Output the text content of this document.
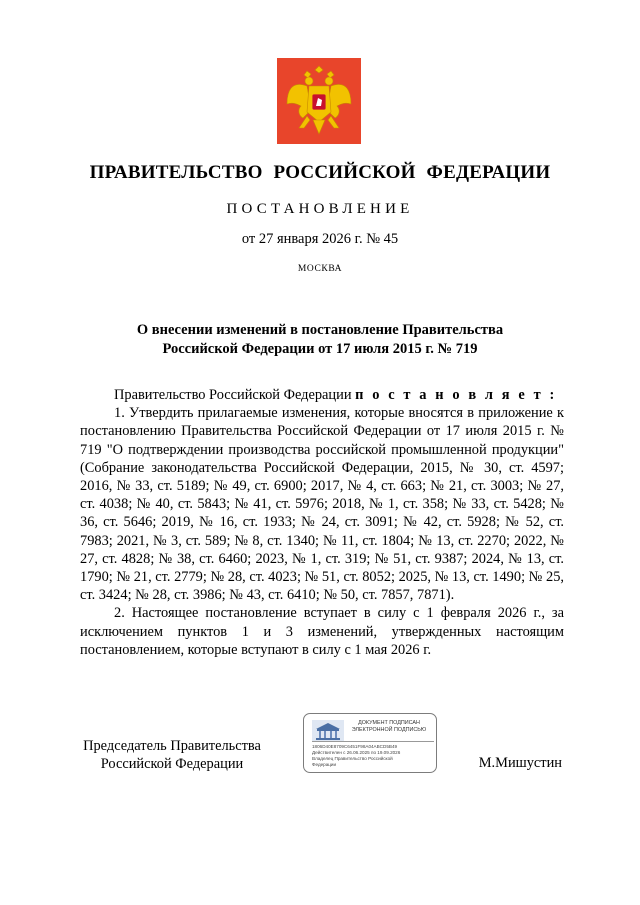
ПРАВИТЕЛЬСТВО РОССИЙСКОЙ ФЕДЕРАЦИИ
ПОСТАНОВЛЕНИЕ
от 27 января 2026 г. № 45
МОСКВА
О внесении изменений в постановление Правительства
Российской Федерации от 17 июля 2015 г. № 719

Правительство Российской Федерации п о с т а н о в л я е т :

1. Утвердить прилагаемые изменения, которые вносятся в приложение к постановлению Правительства Российской Федерации от 17 июля 2015 г. № 719 "О подтверждении производства российской промышленной продукции" (Собрание законодательства Российской Федерации, 2015, № 30, ст. 4597; 2016, № 33, ст. 5189; № 49, ст. 6900; 2017, № 4, ст. 663; № 21, ст. 3003; № 27, ст. 4038; № 40, ст. 5843; № 41, ст. 5976; 2018, № 1, ст. 358; № 33, ст. 5428; № 36, ст. 5646; 2019, № 16, ст. 1933; № 24, ст. 3091; № 42, ст. 5928; № 52, ст. 7983; 2021, № 3, ст. 589; № 8, ст. 1340; № 11, ст. 1804; № 13, ст. 2270; 2022, № 27, ст. 4828; № 38, ст. 6460; 2023, № 1, ст. 319; № 51, ст. 9387; 2024, № 13, ст. 1790; № 21, ст. 2779; № 28, ст. 4023; № 51, ст. 8052; 2025, № 13, ст. 1490; № 25, ст. 3424; № 28, ст. 3986; № 43, ст. 6410; № 50, ст. 7857, 7871).

2. Настоящее постановление вступает в силу с 1 февраля 2026 г., за исключением пунктов 1 и 3 изменений, утвержденных настоящим постановлением, которые вступают в силу с 1 мая 2026 г.

Председатель Правительства
Российской Федерации
ДОКУМЕНТ ПОДПИСАН
ЭЛЕКТРОННОЙ ПОДПИСЬЮ
1806D40E8709C6451F98A04ABCD5B49
Действителен с 26.06.2025 по 19.09.2026
Владелец Правительство Российской
Федерации	М.Мишустин
